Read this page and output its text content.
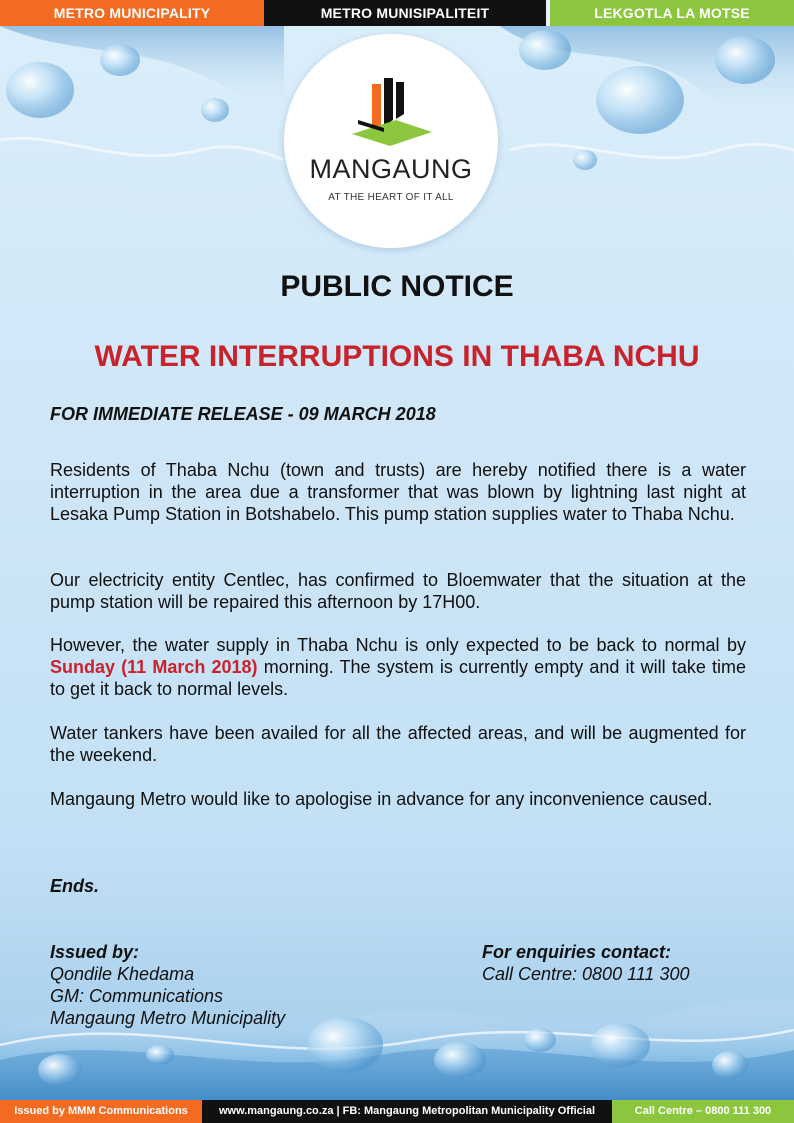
METRO MUNICIPALITY	METRO MUNISIPALITEIT	LEKGOTLA LA MOTSE
MANGAUNG
AT THE HEART OF IT ALL
PUBLIC NOTICE
WATER INTERRUPTIONS IN THABA NCHU
FOR IMMEDIATE RELEASE - 09 MARCH 2018

Residents of Thaba Nchu (town and trusts) are hereby notified there is a water interruption in the area due a transformer that was blown by lightning last night at Lesaka Pump Station in Botshabelo. This pump station supplies water to Thaba Nchu.

Our electricity entity Centlec, has confirmed to Bloemwater that the situation at the pump station will be repaired this afternoon by 17H00.

However, the water supply in Thaba Nchu is only expected to be back to normal by Sunday (11 March 2018) morning. The system is currently empty and it will take time to get it back to normal levels.

Water tankers have been availed for all the affected areas, and will be augmented for the weekend.

Mangaung Metro would like to apologise in advance for any inconvenience caused.

Ends.
Issued by:
Qondile Khedama
GM: Communications
Mangaung Metro Municipality
For enquiries contact:
Call Centre: 0800 111 300
Issued by MMM Communications	www.mangaung.co.za | FB: Mangaung Metropolitan Municipality Official	Call Centre – 0800 111 300
